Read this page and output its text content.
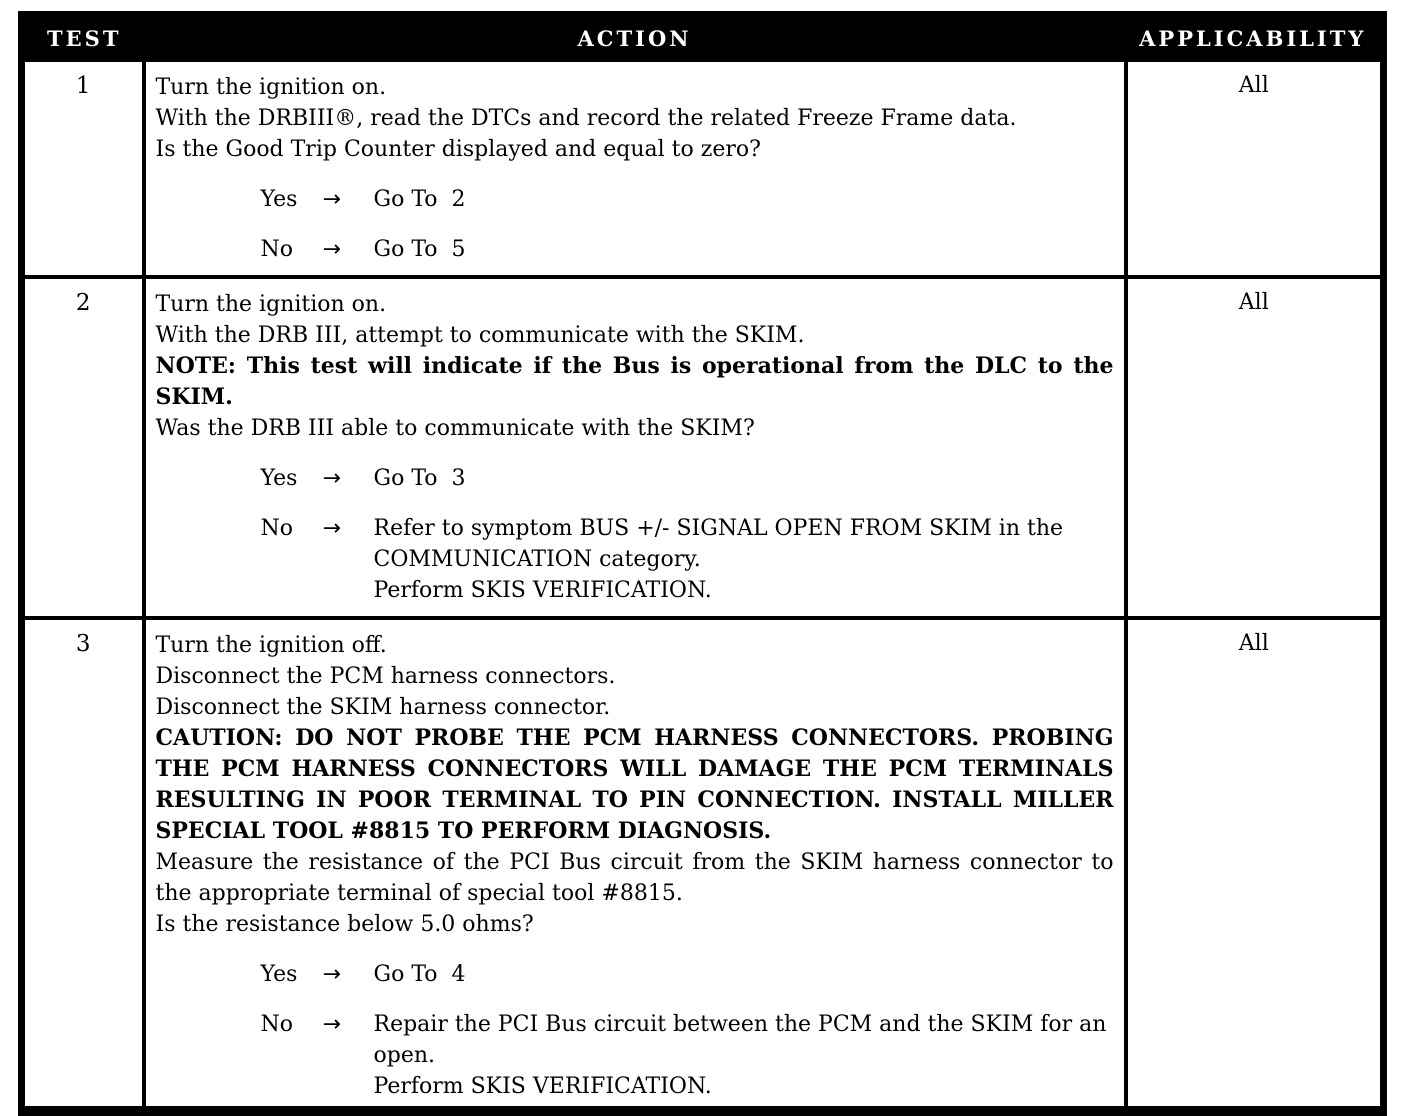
TEST	ACTION	APPLICABILITY
1	Turn the ignition on.
With the DRBIII®, read the DTCs and record the related Freeze Frame data.
Is the Good Trip Counter displayed and equal to zero?
Yes	→	Go To  2
No	→	Go To  5
	All
2	Turn the ignition on.
With the DRB III, attempt to communicate with the SKIM.
NOTE: This test will indicate if the Bus is operational from the DLC to the SKIM.
Was the DRB III able to communicate with the SKIM?
Yes	→	Go To  3
No	→	Refer to symptom BUS +/- SIGNAL OPEN FROM SKIM in the COMMUNICATION category.
Perform SKIS VERIFICATION.
	All
3	Turn the ignition off.
Disconnect the PCM harness connectors.
Disconnect the SKIM harness connector.
CAUTION: DO NOT PROBE THE PCM HARNESS CONNECTORS. PROBING THE PCM HARNESS CONNECTORS WILL DAMAGE THE PCM TERMINALS RESULTING IN POOR TERMINAL TO PIN CONNECTION. INSTALL MILLER SPECIAL TOOL #8815 TO PERFORM DIAGNOSIS.
Measure the resistance of the PCI Bus circuit from the SKIM harness connector to the appropriate terminal of special tool #8815.
Is the resistance below 5.0 ohms?
Yes	→	Go To  4
No	→	Repair the PCI Bus circuit between the PCM and the SKIM for an open.
Perform SKIS VERIFICATION.
	All
